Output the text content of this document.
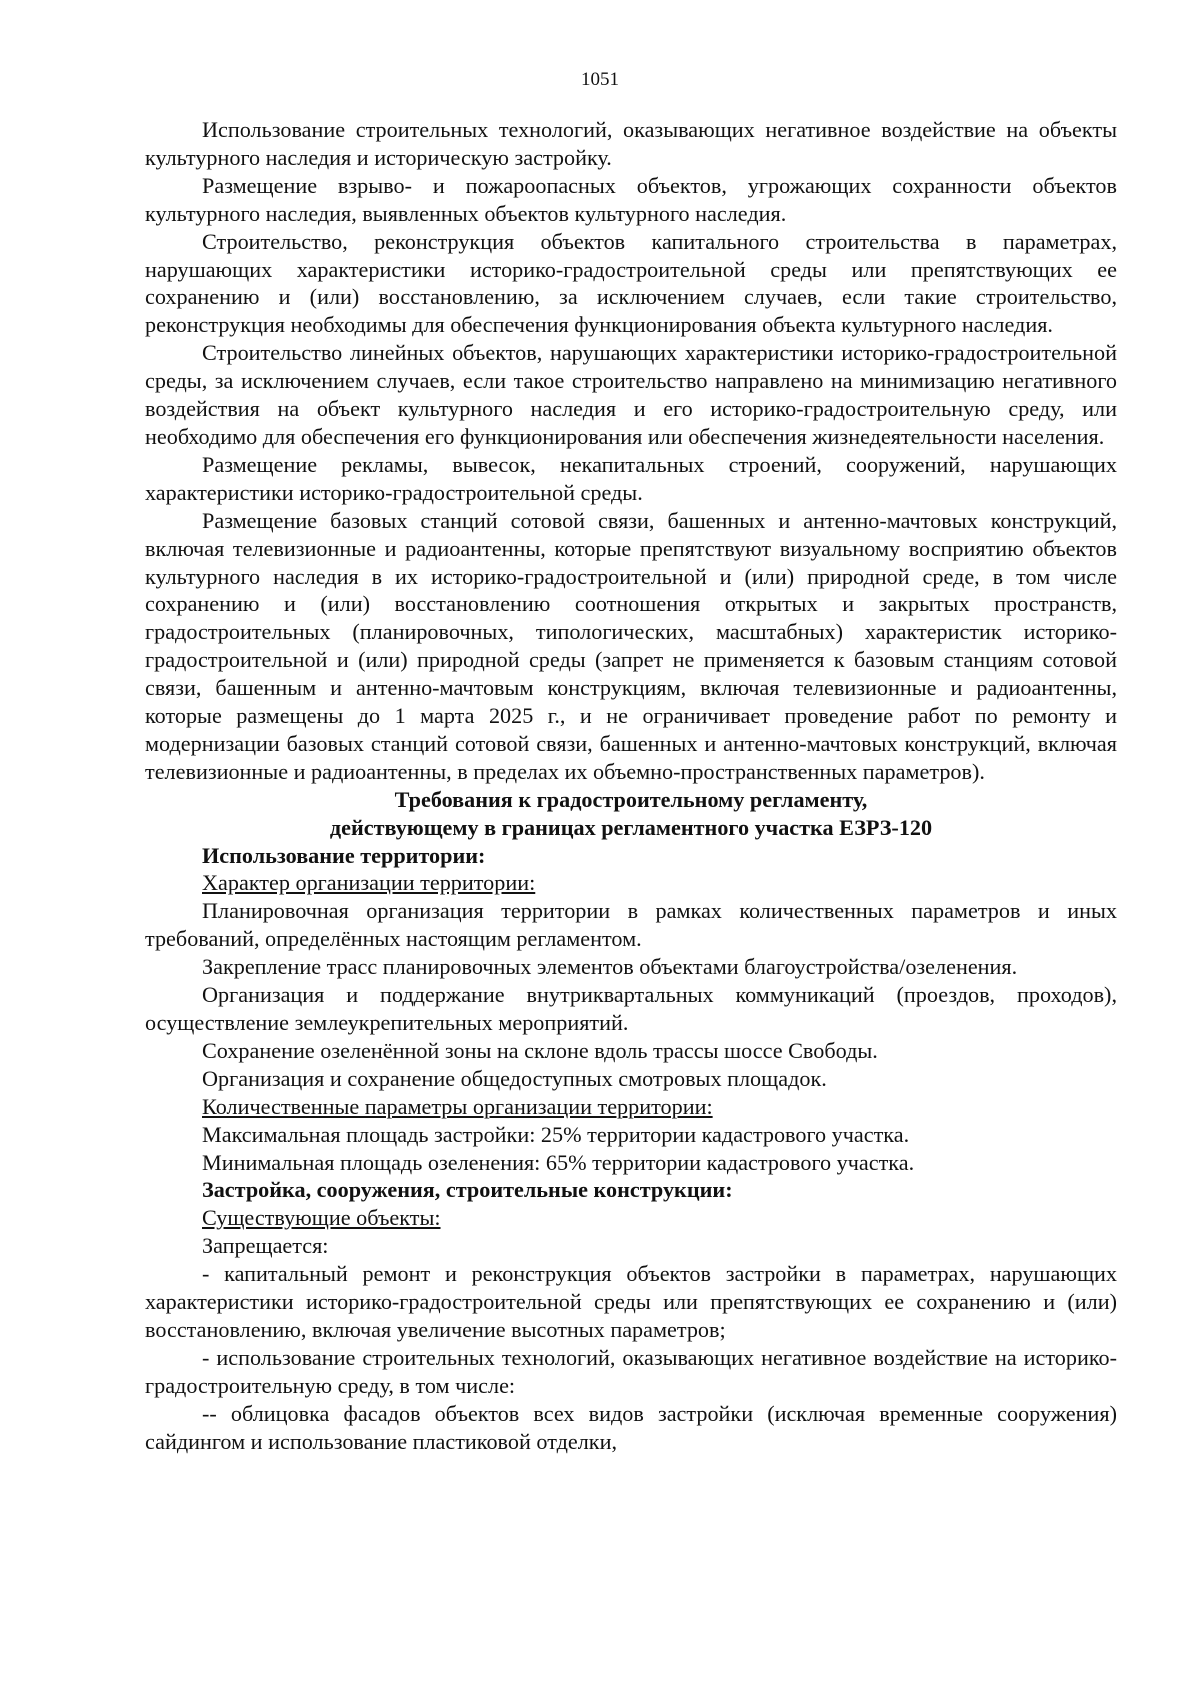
1051

Использование строительных технологий, оказывающих негативное воздействие на объекты культурного наследия и историческую застройку.

Размещение взрыво- и пожароопасных объектов, угрожающих сохранности объектов культурного наследия, выявленных объектов культурного наследия.

Строительство, реконструкция объектов капитального строительства в параметрах, нарушающих характеристики историко-градостроительной среды или препятствующих ее сохранению и (или) восстановлению, за исключением случаев, если такие строительство, реконструкция необходимы для обеспечения функционирования объекта культурного наследия.

Строительство линейных объектов, нарушающих характеристики историко-градостроительной среды, за исключением случаев, если такое строительство направлено на минимизацию негативного воздействия на объект культурного наследия и его историко-градостроительную среду, или необходимо для обеспечения его функционирования или обеспечения жизнедеятельности населения.

Размещение рекламы, вывесок, некапитальных строений, сооружений, нарушающих характеристики историко-градостроительной среды.

Размещение базовых станций сотовой связи, башенных и антенно-мачтовых конструкций, включая телевизионные и радиоантенны, которые препятствуют визуальному восприятию объектов культурного наследия в их историко-градостроительной и (или) природной среде, в том числе сохранению и (или) восстановлению соотношения открытых и закрытых пространств, градостроительных (планировочных, типологических, масштабных) характеристик историко-градостроительной и (или) природной среды (запрет не применяется к базовым станциям сотовой связи, башенным и антенно-мачтовым конструкциям, включая телевизионные и радиоантенны, которые размещены до 1 марта 2025 г., и не ограничивает проведение работ по ремонту и модернизации базовых станций сотовой связи, башенных и антенно-мачтовых конструкций, включая телевизионные и радиоантенны, в пределах их объемно-пространственных параметров).

Требования к градостроительному регламенту,

действующему в границах регламентного участка ЕЗРЗ-120

Использование территории:

Характер организации территории:

Планировочная организация территории в рамках количественных параметров и иных требований, определённых настоящим регламентом.

Закрепление трасс планировочных элементов объектами благоустройства/озеленения.

Организация и поддержание внутриквартальных коммуникаций (проездов, проходов), осуществление землеукрепительных мероприятий.

Сохранение озеленённой зоны на склоне вдоль трассы шоссе Свободы.

Организация и сохранение общедоступных смотровых площадок.

Количественные параметры организации территории:

Максимальная площадь застройки: 25% территории кадастрового участка.

Минимальная площадь озеленения: 65% территории кадастрового участка.

Застройка, сооружения, строительные конструкции:

Существующие объекты:

Запрещается:

- капитальный ремонт и реконструкция объектов застройки в параметрах, нарушающих характеристики историко-градостроительной среды или препятствующих ее сохранению и (или) восстановлению, включая увеличение высотных параметров;

- использование строительных технологий, оказывающих негативное воздействие на историко-градостроительную среду, в том числе:

-- облицовка фасадов объектов всех видов застройки (исключая временные сооружения) сайдингом и использование пластиковой отделки,
